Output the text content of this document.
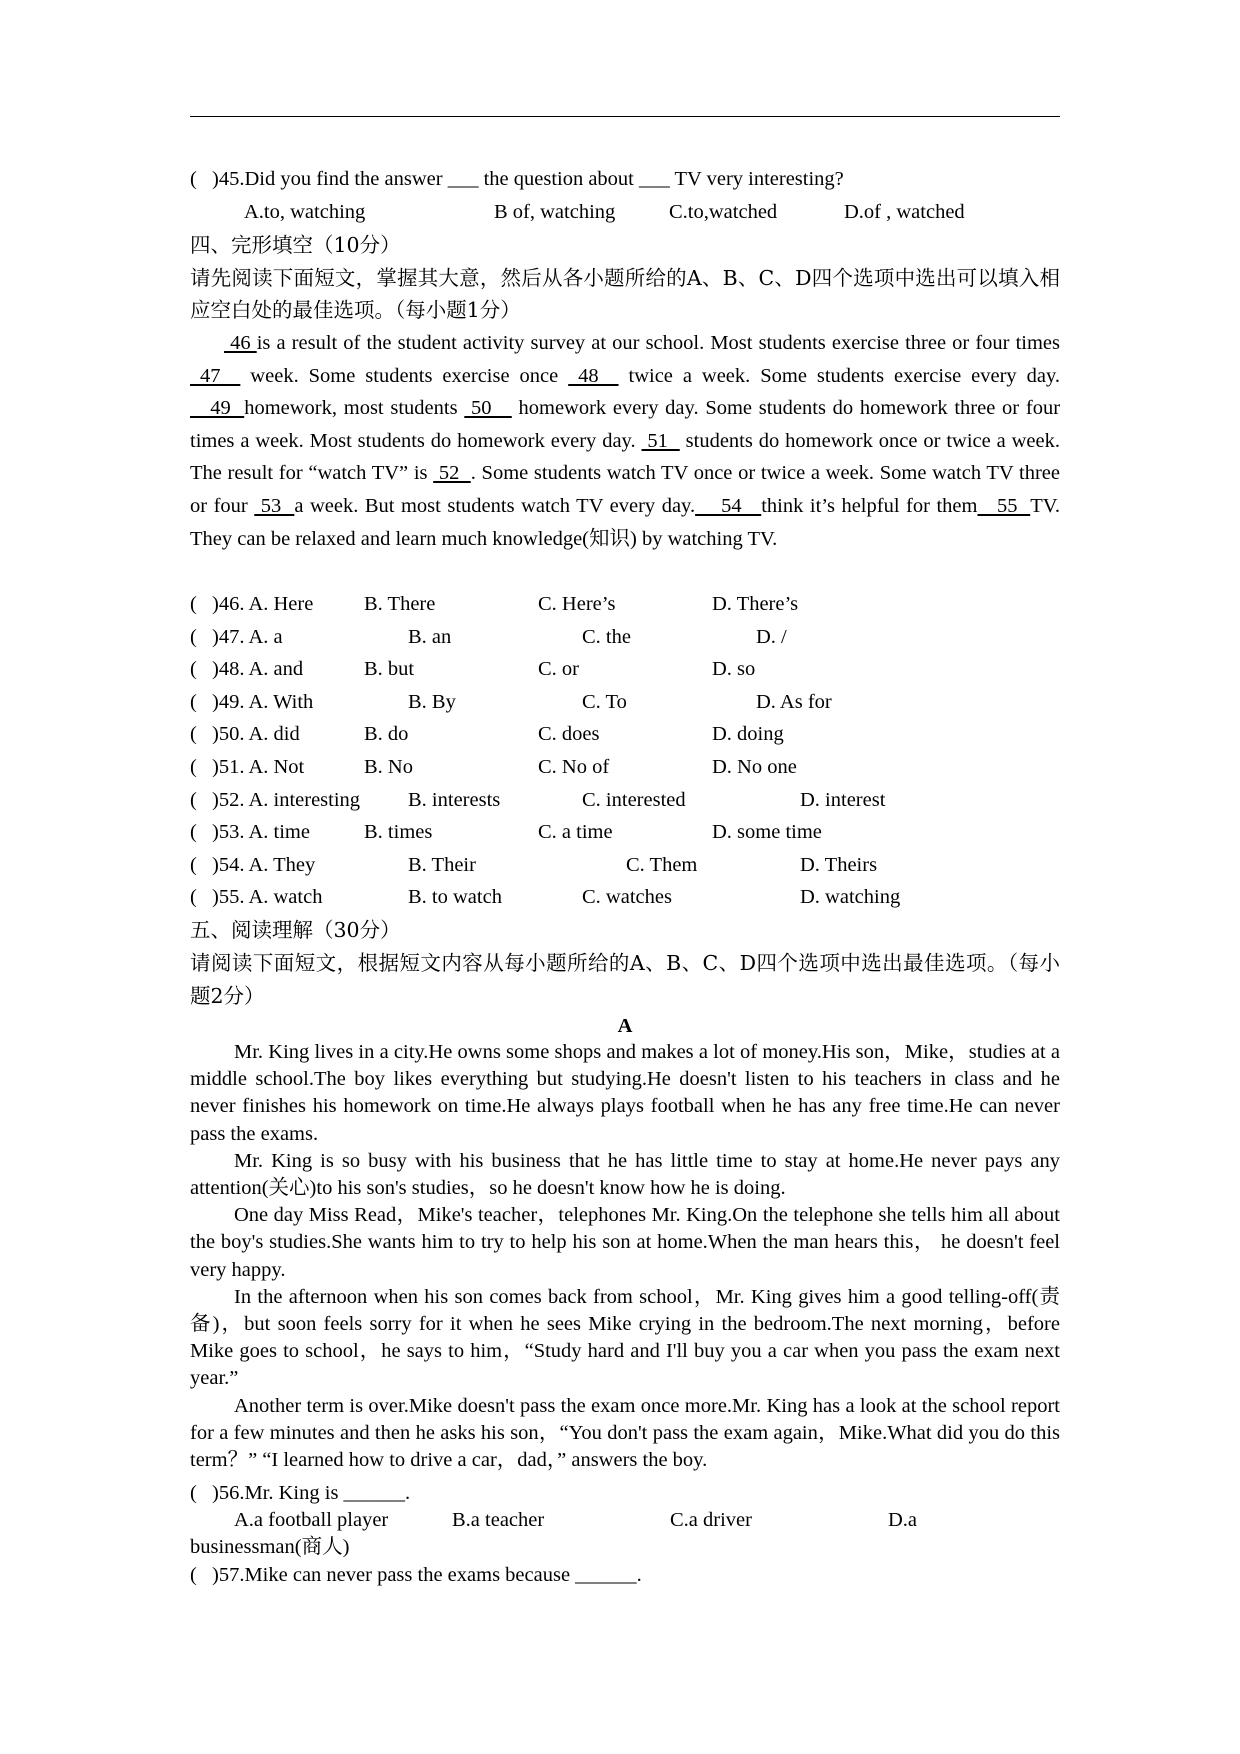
( )45.Did you find the answer ___ the question about ___ TV very interesting?
A.to, watching	B of, watching	C.to,watched	D.of , watched
四、完形填空（10分）
请先阅读下面短文，掌握其大意，然后从各小题所给的A、B、C、D四个选项中选出可以填入相应空白处的最佳选项。（每小题1分）
46 is a result of the student activity survey at our school. Most students exercise three or four times  47   week. Some students exercise once  48   twice a week. Some students exercise every day.    49  homework, most students  50    homework every day. Some students do homework three or four times a week. Most students do homework every day.  51   students do homework once or twice a week. The result for “watch TV” is  52  . Some students watch TV once or twice a week. Some watch TV three or four  53  a week. But most students watch TV every day.    54   think it’s helpful for them   55  TV. They can be relaxed and learn much knowledge(知识) by watching TV.
( )46. A. Here B. There	C. Here’s	D. There’s
( )47. A. a	B. an	C. the	D. /
( )48. A. and	B. but	C. or	D. so
( )49. A. With	B. By	C. To	D. As for
( )50. A. did	B. do	C. does	D. doing
( )51. A. Not	B. No	C. No of	D. No one
( )52. A. interesting B. interests	C. interested	D. interest
( )53. A. time	B. times	C. a time	D. some time
( )54. A. They	B. Their	C. Them	D. Theirs
( )55. A. watch	B. to watch	C. watches	D. watching
五、阅读理解（30分）
请阅读下面短文，根据短文内容从每小题所给的A、B、C、D四个选项中选出最佳选项。（每小题2分）
A

Mr. King lives in a city.He owns some shops and makes a lot of money.His son，Mike，studies at a middle school.The boy likes everything but studying.He doesn't listen to his teachers in class and he never finishes his homework on time.He always plays football when he has any free time.He can never pass the exams.

Mr. King is so busy with his business that he has little time to stay at home.He never pays any attention(关心)to his son's studies，so he doesn't know how he is doing.

One day Miss Read，Mike's teacher，telephones Mr. King.On the telephone she tells him all about the boy's studies.She wants him to try to help his son at home.When the man hears this， he doesn't feel very happy.

In the afternoon when his son comes back from school，Mr. King gives him a good telling-off(责备)，but soon feels sorry for it when he sees Mike crying in the bedroom.The next morning，before Mike goes to school，he says to him，“Study hard and I'll buy you a car when you pass the exam next year.”

Another term is over.Mike doesn't pass the exam once more.Mr. King has a look at the school report for a few minutes and then he asks his son，“You don't pass the exam again，Mike.What did you do this term？” “I learned how to drive a car，dad，” answers the boy.

( )56.Mr. King is ______.
A.a football player	B.a teacher	C.a driver	D.a
businessman(商人)
( )57.Mike can never pass the exams because ______.
